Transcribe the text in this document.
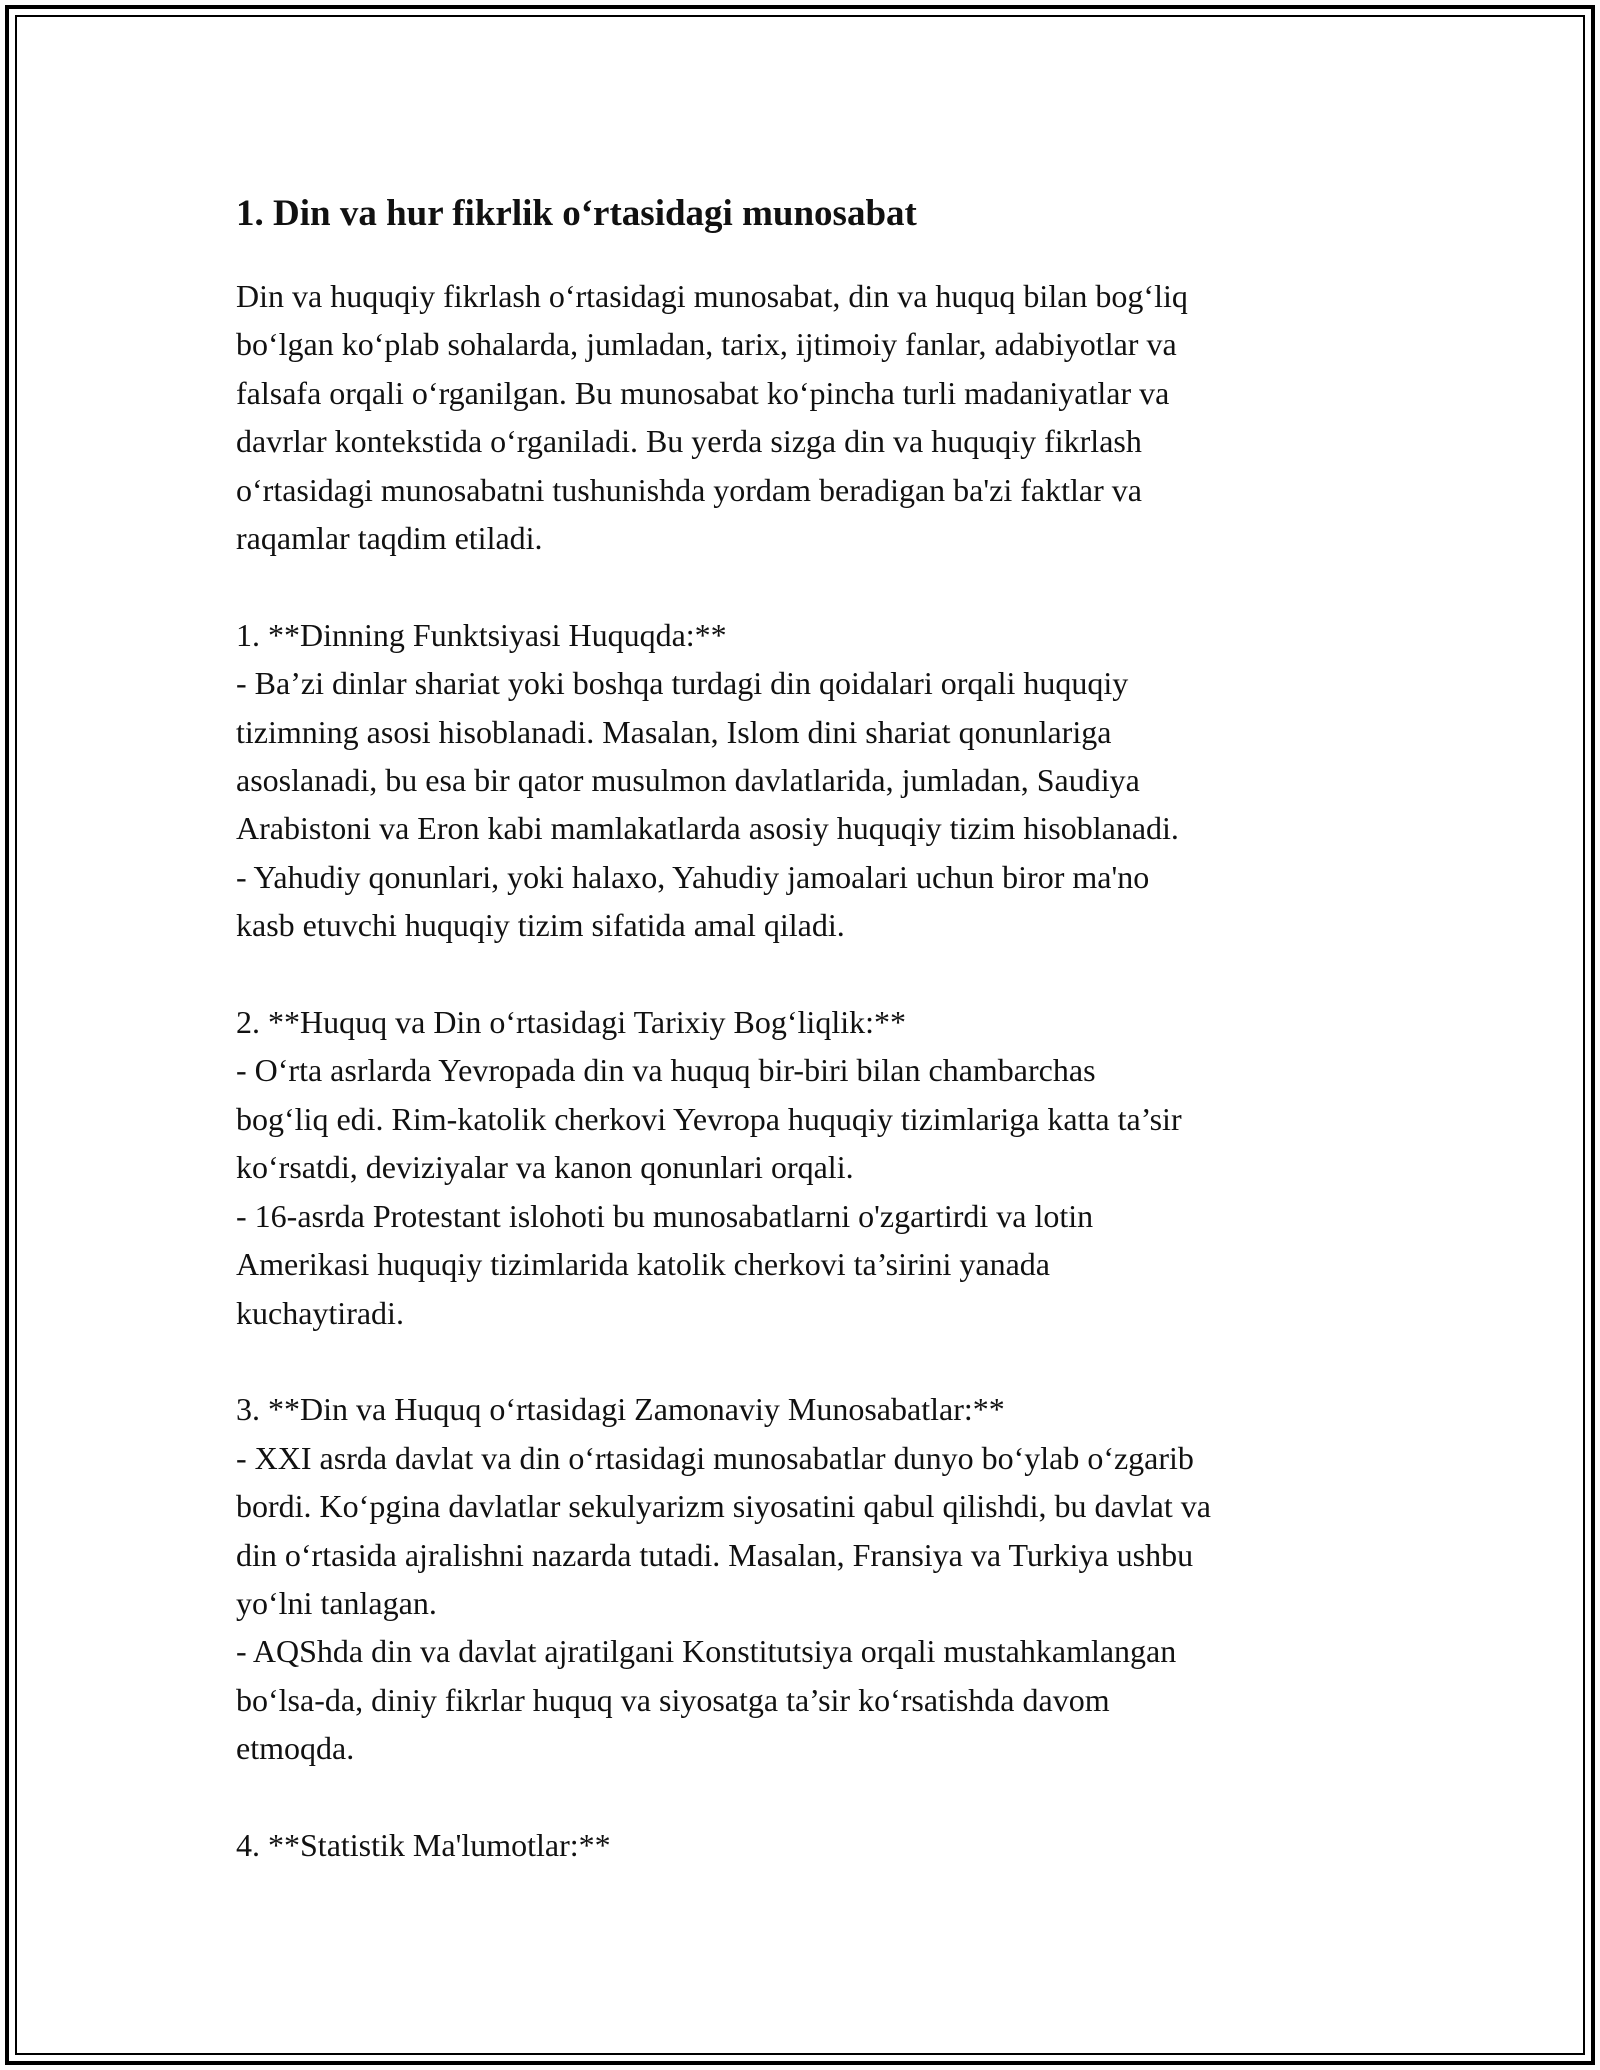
1. Din va hur fikrlik o‘rtasidagi munosabat

Din va huquqiy fikrlash o‘rtasidagi munosabat, din va huquq bilan bog‘liq
bo‘lgan ko‘plab sohalarda, jumladan, tarix, ijtimoiy fanlar, adabiyotlar va
falsafa orqali o‘rganilgan. Bu munosabat ko‘pincha turli madaniyatlar va
davrlar kontekstida o‘rganiladi. Bu yerda sizga din va huquqiy fikrlash
o‘rtasidagi munosabatni tushunishda yordam beradigan ba'zi faktlar va
raqamlar taqdim etiladi.

1. **Dinning Funktsiyasi Huquqda:**
- Ba’zi dinlar shariat yoki boshqa turdagi din qoidalari orqali huquqiy
tizimning asosi hisoblanadi. Masalan, Islom dini shariat qonunlariga
asoslanadi, bu esa bir qator musulmon davlatlarida, jumladan, Saudiya
Arabistoni va Eron kabi mamlakatlarda asosiy huquqiy tizim hisoblanadi.
- Yahudiy qonunlari, yoki halaxo, Yahudiy jamoalari uchun biror ma'no
kasb etuvchi huquqiy tizim sifatida amal qiladi.

2. **Huquq va Din o‘rtasidagi Tarixiy Bog‘liqlik:**
- O‘rta asrlarda Yevropada din va huquq bir-biri bilan chambarchas
bog‘liq edi. Rim-katolik cherkovi Yevropa huquqiy tizimlariga katta ta’sir
ko‘rsatdi, deviziyalar va kanon qonunlari orqali.
- 16-asrda Protestant islohoti bu munosabatlarni o'zgartirdi va lotin
Amerikasi huquqiy tizimlarida katolik cherkovi ta’sirini yanada
kuchaytiradi.

3. **Din va Huquq o‘rtasidagi Zamonaviy Munosabatlar:**
- XXI asrda davlat va din o‘rtasidagi munosabatlar dunyo bo‘ylab o‘zgarib
bordi. Ko‘pgina davlatlar sekulyarizm siyosatini qabul qilishdi, bu davlat va
din o‘rtasida ajralishni nazarda tutadi. Masalan, Fransiya va Turkiya ushbu
yo‘lni tanlagan.
- AQShda din va davlat ajratilgani Konstitutsiya orqali mustahkamlangan
bo‘lsa-da, diniy fikrlar huquq va siyosatga ta’sir ko‘rsatishda davom
etmoqda.

4. **Statistik Ma'lumotlar:**
